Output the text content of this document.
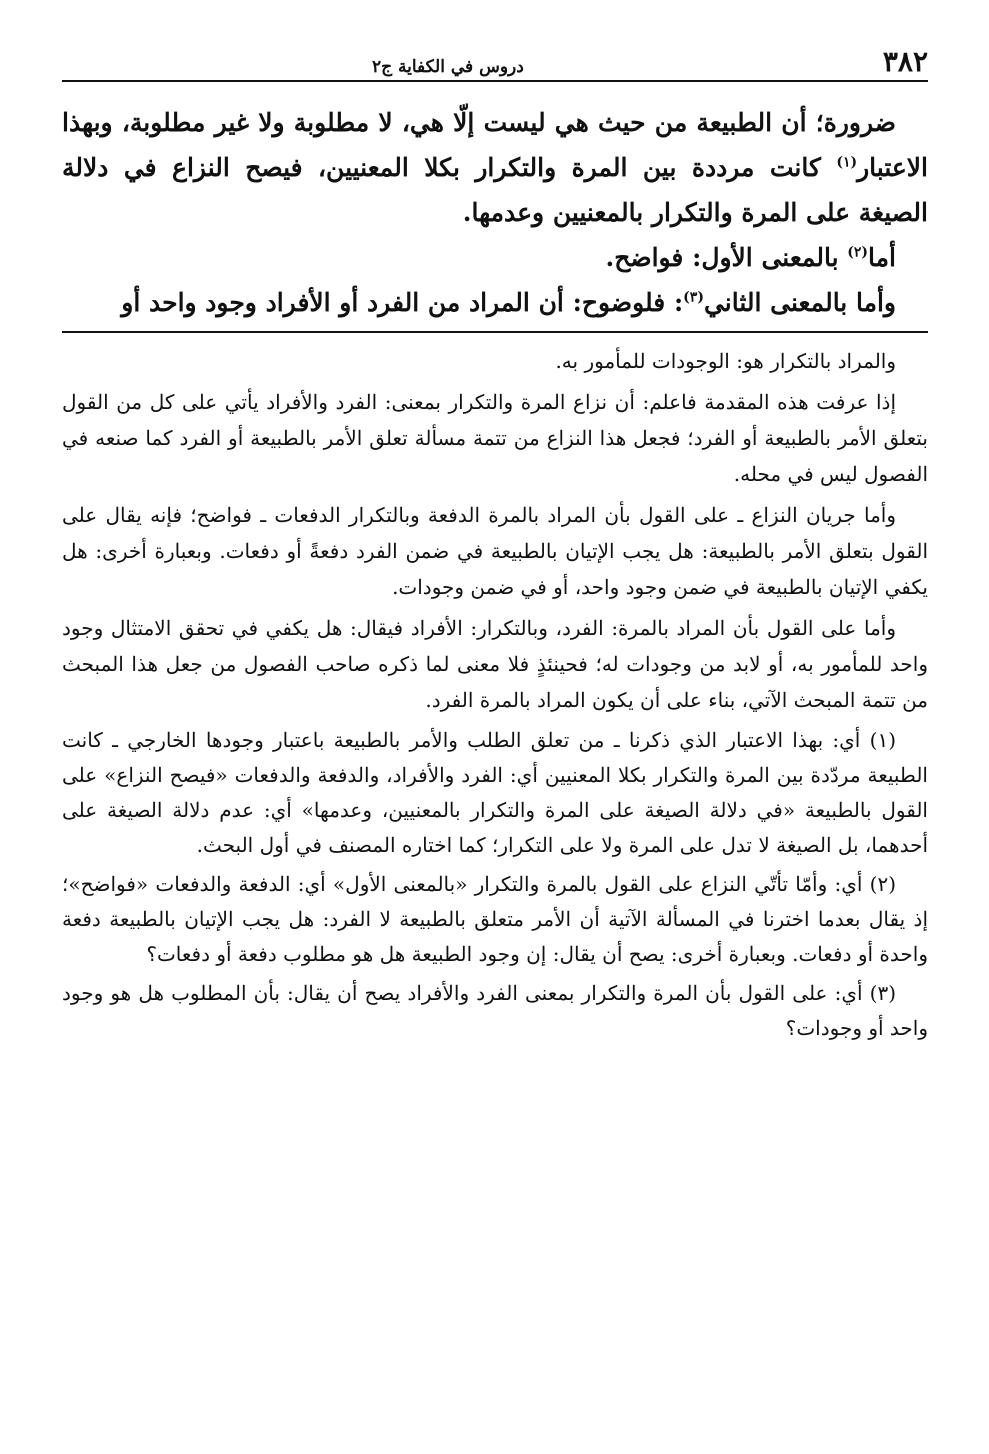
٣٨٢
دروس في الكفاية ج٢

ضرورة؛ أن الطبيعة من حيث هي ليست إلّا هي، لا مطلوبة ولا غير مطلوبة، وبهذا الاعتبار$^{(١)}$ كانت مرددة بين المرة والتكرار بكلا المعنيين، فيصح النزاع في دلالة الصيغة على المرة والتكرار بالمعنيين وعدمها.

أما$^{(٢)}$ بالمعنى الأول: فواضح.

وأما بالمعنى الثاني$^{(٣)}$: فلوضوح: أن المراد من الفرد أو الأفراد وجود واحد أو

والمراد بالتكرار هو: الوجودات للمأمور به.

إذا عرفت هذه المقدمة فاعلم: أن نزاع المرة والتكرار بمعنى: الفرد والأفراد يأتي على كل من القول بتعلق الأمر بالطبيعة أو الفرد؛ فجعل هذا النزاع من تتمة مسألة تعلق الأمر بالطبيعة أو الفرد كما صنعه في الفصول ليس في محله.

وأما جريان النزاع ـ على القول بأن المراد بالمرة الدفعة وبالتكرار الدفعات ـ فواضح؛ فإنه يقال على القول بتعلق الأمر بالطبيعة: هل يجب الإتيان بالطبيعة في ضمن الفرد دفعةً أو دفعات. وبعبارة أخرى: هل يكفي الإتيان بالطبيعة في ضمن وجود واحد، أو في ضمن وجودات.

وأما على القول بأن المراد بالمرة: الفرد، وبالتكرار: الأفراد فيقال: هل يكفي في تحقق الامتثال وجود واحد للمأمور به، أو لابد من وجودات له؛ فحينئذٍ فلا معنى لما ذكره صاحب الفصول من جعل هذا المبحث من تتمة المبحث الآتي، بناء على أن يكون المراد بالمرة الفرد.

(١) أي: بهذا الاعتبار الذي ذكرنا ـ من تعلق الطلب والأمر بالطبيعة باعتبار وجودها الخارجي ـ كانت الطبيعة مردّدة بين المرة والتكرار بكلا المعنيين أي: الفرد والأفراد، والدفعة والدفعات «فيصح النزاع» على القول بالطبيعة «في دلالة الصيغة على المرة والتكرار بالمعنيين، وعدمها» أي: عدم دلالة الصيغة على أحدهما، بل الصيغة لا تدل على المرة ولا على التكرار؛ كما اختاره المصنف في أول البحث.

(٢) أي: وأمّا تأتّي النزاع على القول بالمرة والتكرار «بالمعنى الأول» أي: الدفعة والدفعات «فواضح»؛ إذ يقال بعدما اخترنا في المسألة الآتية أن الأمر متعلق بالطبيعة لا الفرد: هل يجب الإتيان بالطبيعة دفعة واحدة أو دفعات. وبعبارة أخرى: يصح أن يقال: إن وجود الطبيعة هل هو مطلوب دفعة أو دفعات؟

(٣) أي: على القول بأن المرة والتكرار بمعنى الفرد والأفراد يصح أن يقال: بأن المطلوب هل هو وجود واحد أو وجودات؟
